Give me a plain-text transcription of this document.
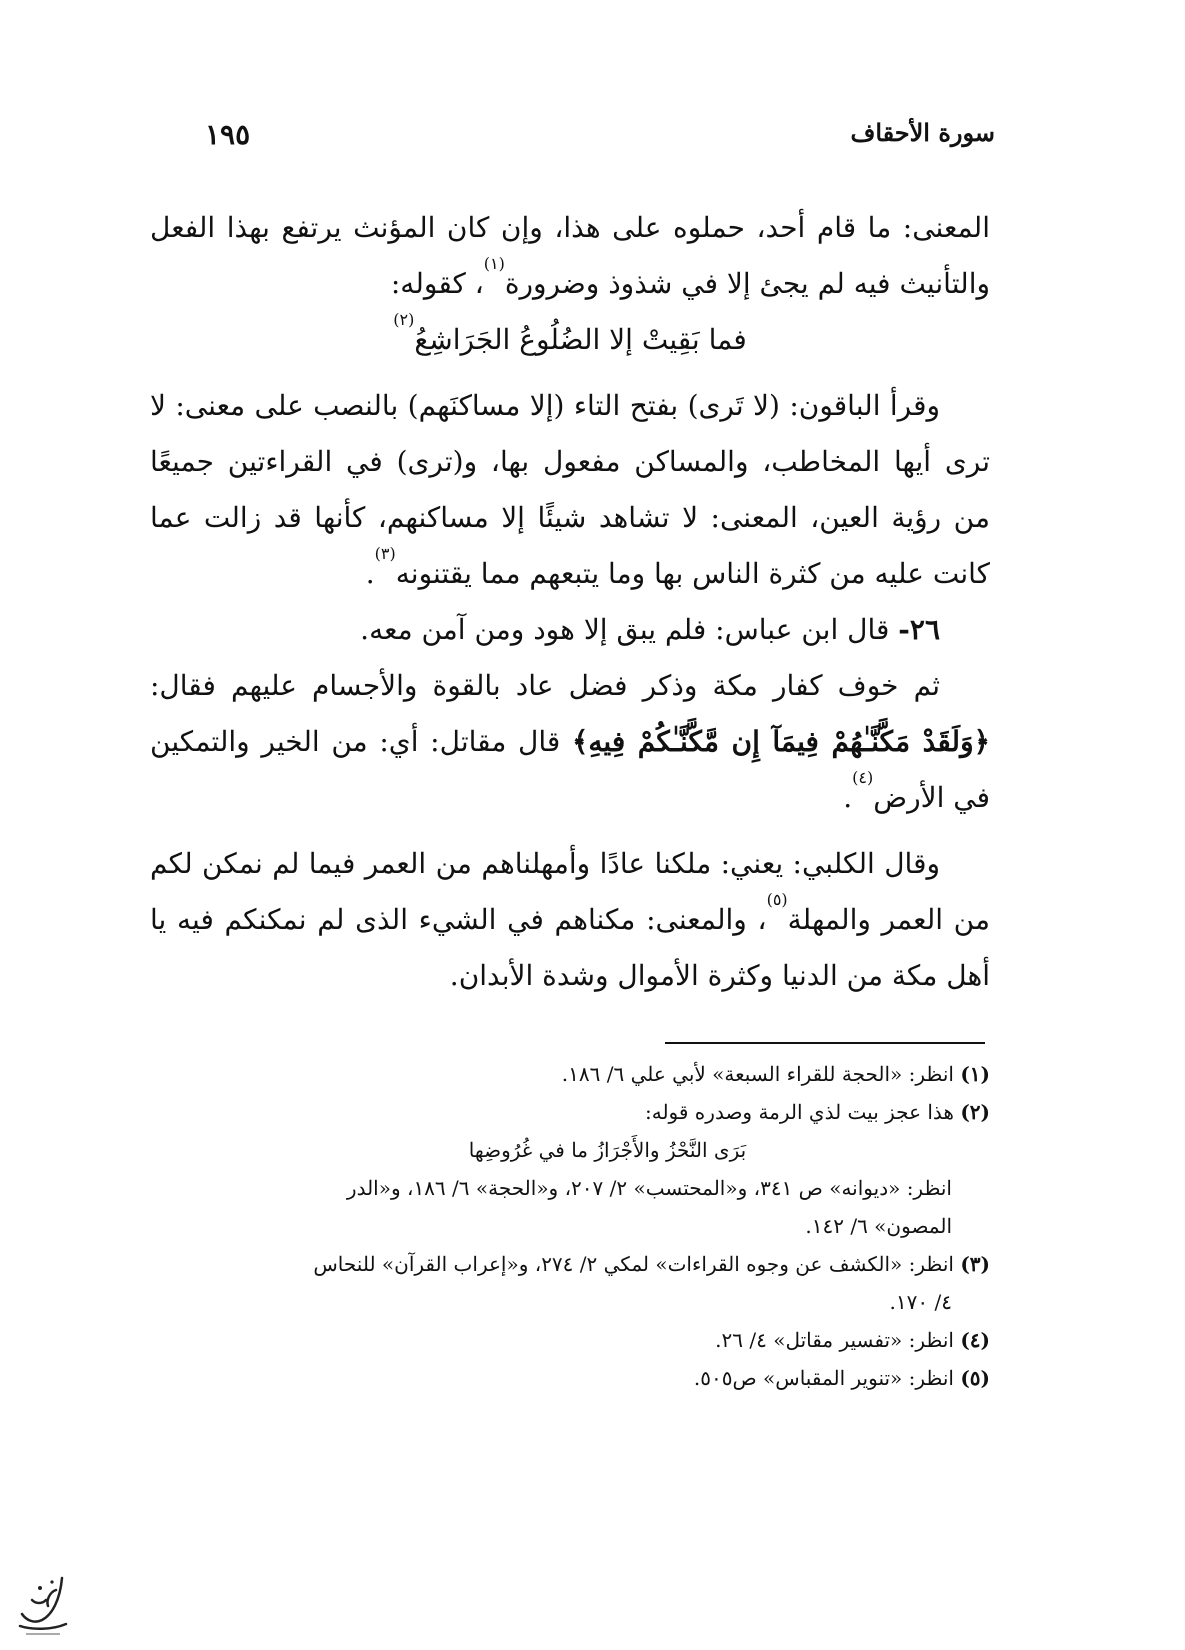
سورة الأحقاف
١٩٥

المعنى: ما قام أحد، حملوه على هذا، وإن كان المؤنث يرتفع بهذا الفعل والتأنيث فيه لم يجئ إلا في شذوذ وضرورة$^{(١)}$، كقوله:

فما بَقِيتْ إلا الضُلُوعُ الجَرَاشِعُ$^{(٢)}$

وقرأ الباقون: (لا تَرى) بفتح التاء (إلا مساكنَهم) بالنصب على معنى: لا ترى أيها المخاطب، والمساكن مفعول بها، و(ترى) في القراءتين جميعًا من رؤية العين، المعنى: لا تشاهد شيئًا إلا مساكنهم، كأنها قد زالت عما كانت عليه من كثرة الناس بها وما يتبعهم مما يقتنونه$^{(٣)}$.

٢٦- قال ابن عباس: فلم يبق إلا هود ومن آمن معه.

ثم خوف كفار مكة وذكر فضل عاد بالقوة والأجسام عليهم فقال: ﴿وَلَقَدْ مَكَّنَّـٰهُمْ فِيمَآ إِن مَّكَّنَّـٰكُمْ فِيهِ﴾ قال مقاتل: أي: من الخير والتمكين في الأرض$^{(٤)}$.

وقال الكلبي: يعني: ملكنا عادًا وأمهلناهم من العمر فيما لم نمكن لكم من العمر والمهلة$^{(٥)}$، والمعنى: مكناهم في الشيء الذى لم نمكنكم فيه يا أهل مكة من الدنيا وكثرة الأموال وشدة الأبدان.

(١) انظر: «الحجة للقراء السبعة» لأبي علي ٦/ ١٨٦.

(٢) هذا عجز بيت لذي الرمة وصدره قوله:

بَرَى النَّحْزُ والأَجْرَازُ ما في غُرُوضِها

انظر: «ديوانه» ص ٣٤١، و«المحتسب» ٢/ ٢٠٧، و«الحجة» ٦/ ١٨٦، و«الدر

المصون» ٦/ ١٤٢.

(٣) انظر: «الكشف عن وجوه القراءات» لمكي ٢/ ٢٧٤، و«إعراب القرآن» للنحاس

٤/ ١٧٠.

(٤) انظر: «تفسير مقاتل» ٤/ ٢٦.

(٥) انظر: «تنوير المقباس» ص٥٠٥.
